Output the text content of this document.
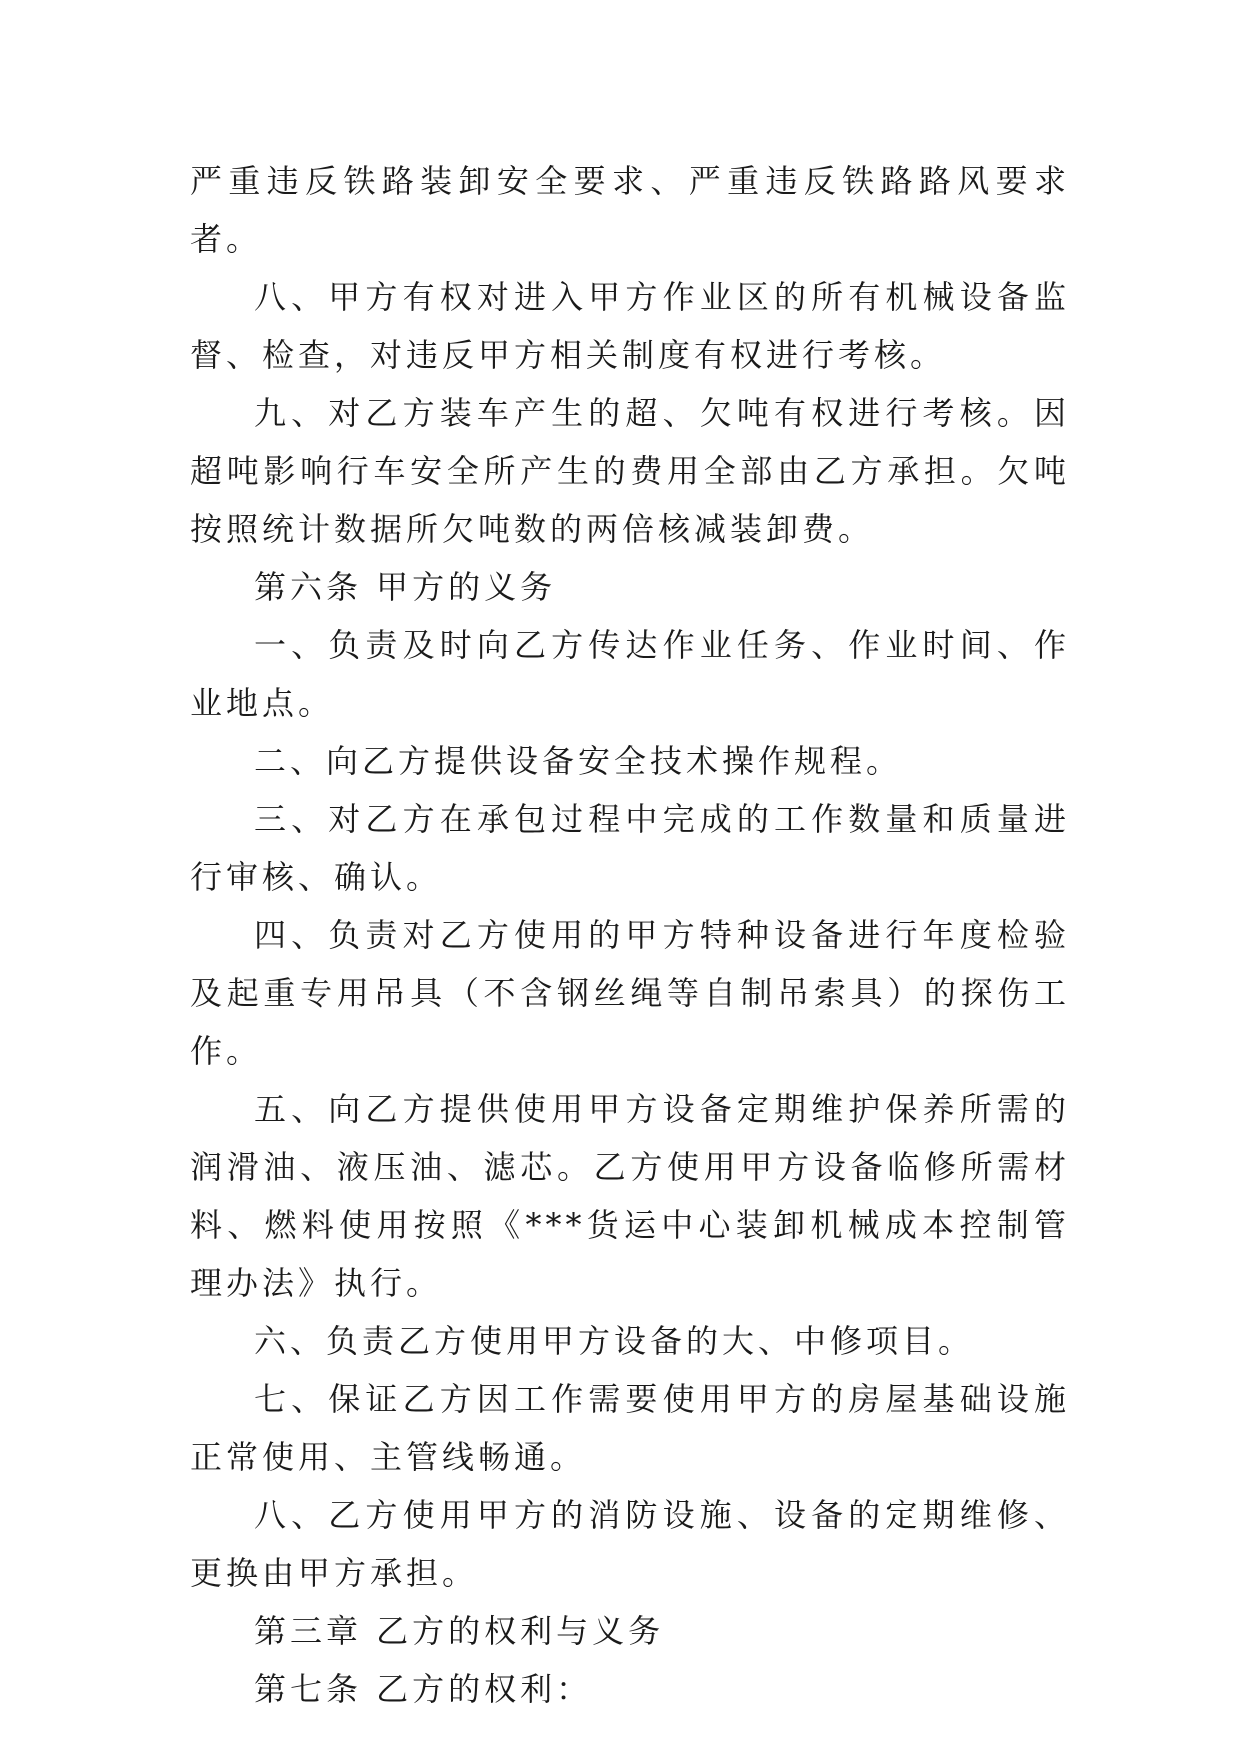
严重违反铁路装卸安全要求、严重违反铁路路风要求者。

八、甲方有权对进入甲方作业区的所有机械设备监督、检查，对违反甲方相关制度有权进行考核。

九、对乙方装车产生的超、欠吨有权进行考核。因超吨影响行车安全所产生的费用全部由乙方承担。欠吨按照统计数据所欠吨数的两倍核减装卸费。

第六条 甲方的义务

一、负责及时向乙方传达作业任务、作业时间、作业地点。

二、向乙方提供设备安全技术操作规程。

三、对乙方在承包过程中完成的工作数量和质量进行审核、确认。

四、负责对乙方使用的甲方特种设备进行年度检验及起重专用吊具（不含钢丝绳等自制吊索具）的探伤工作。

五、向乙方提供使用甲方设备定期维护保养所需的润滑油、液压油、滤芯。乙方使用甲方设备临修所需材料、燃料使用按照《***货运中心装卸机械成本控制管理办法》执行。

六、负责乙方使用甲方设备的大、中修项目。

七、保证乙方因工作需要使用甲方的房屋基础设施正常使用、主管线畅通。

八、乙方使用甲方的消防设施、设备的定期维修、更换由甲方承担。

第三章 乙方的权利与义务

第七条 乙方的权利：
